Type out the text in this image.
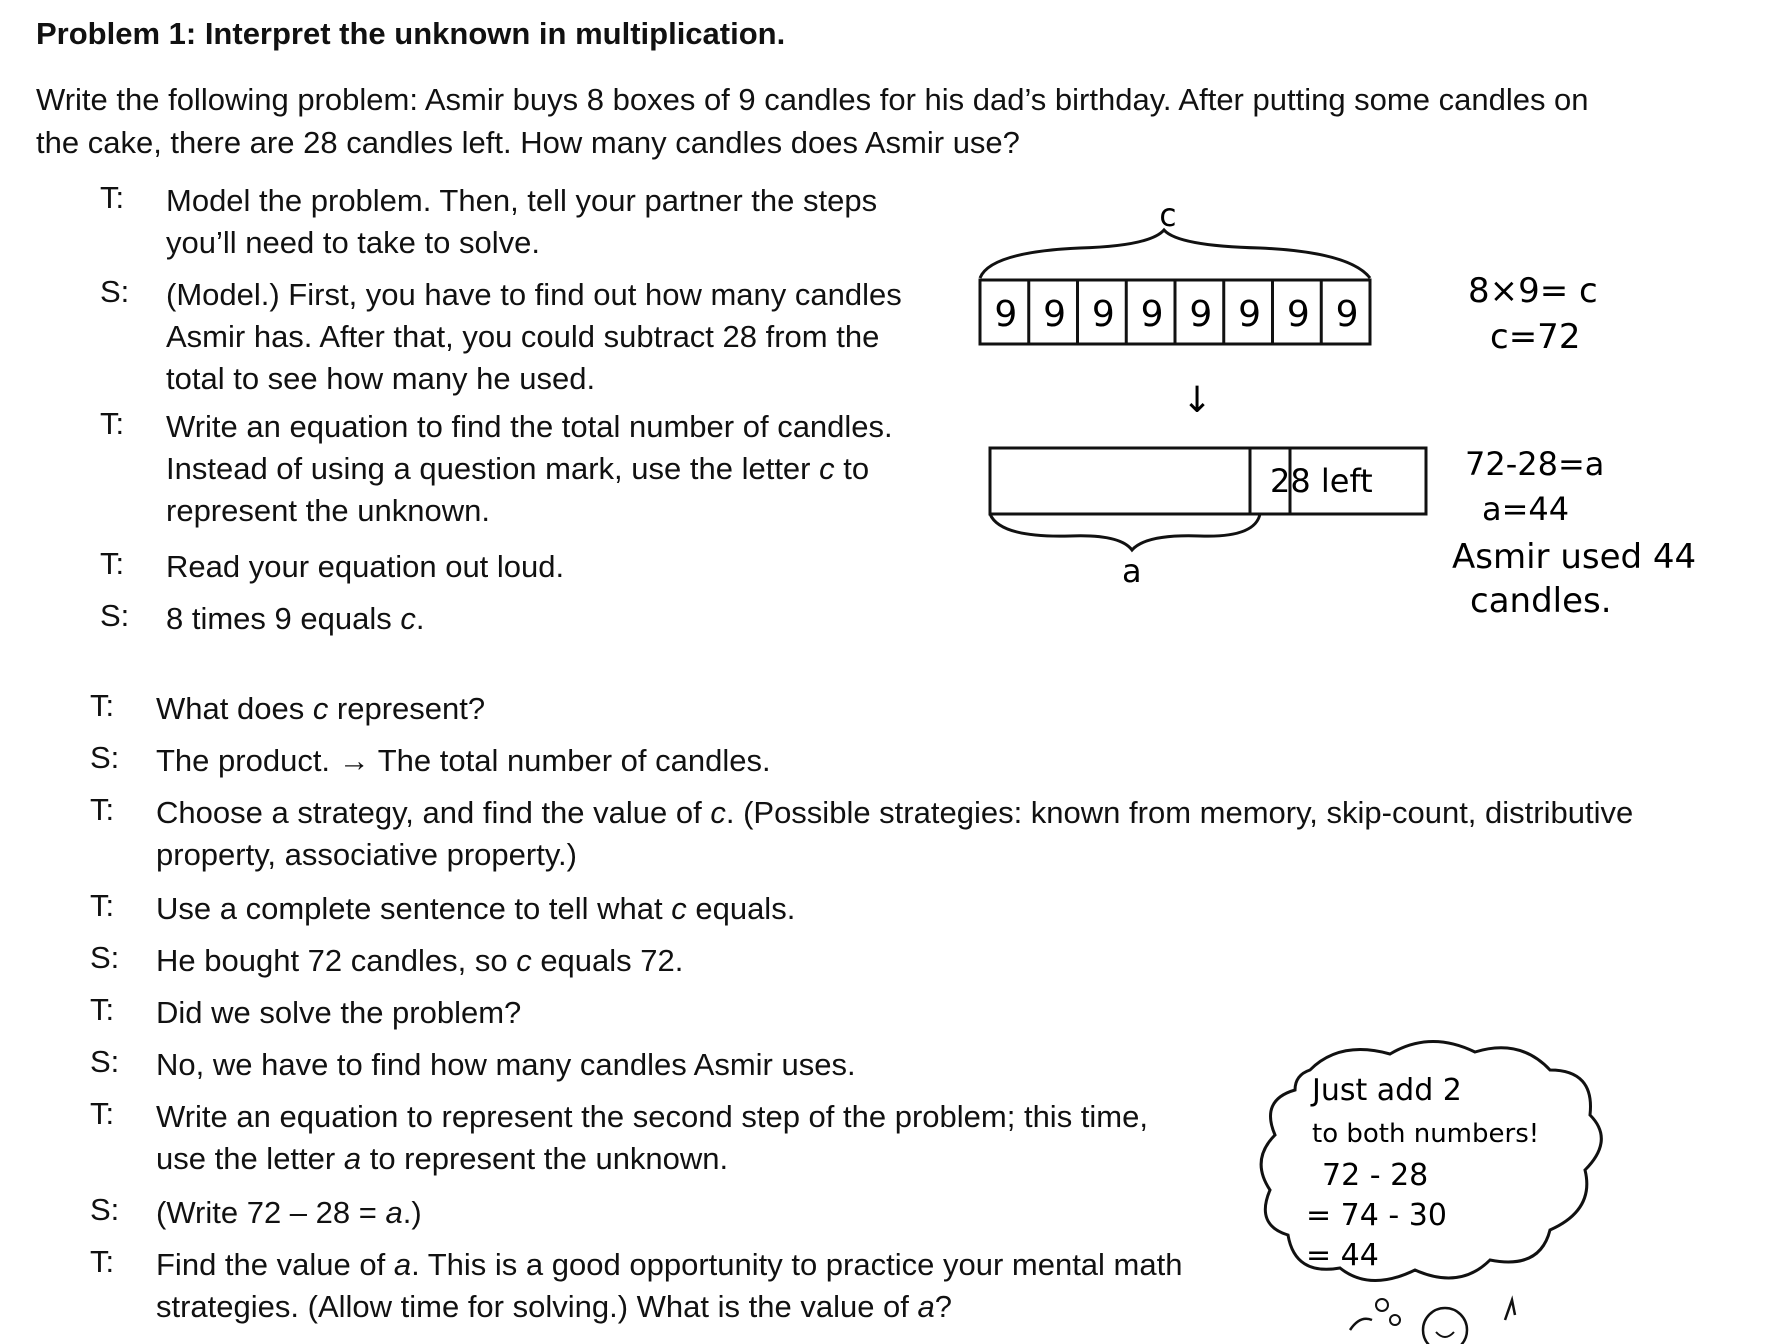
Problem 1: Interpret the unknown in multiplication.
Write the following problem: Asmir buys 8 boxes of 9 candles for his dad’s birthday. After putting some candles on the cake, there are 28 candles left. How many candles does Asmir use?
T:	Model the problem. Then, tell your partner the steps you’ll need to take to solve.
S:	(Model.) First, you have to find out how many candles Asmir has. After that, you could subtract 28 from the total to see how many he used.
T:	Write an equation to find the total number of candles. Instead of using a question mark, use the letter c to represent the unknown.
T:	Read your equation out loud.
S:	8 times 9 equals c.
T:	What does c represent?
S:	The product. → The total number of candles.
T:	Choose a strategy, and find the value of c. (Possible strategies: known from memory, skip-count, distributive property, associative property.)
T:	Use a complete sentence to tell what c equals.
S:	He bought 72 candles, so c equals 72.
T:	Did we solve the problem?
S:	No, we have to find how many candles Asmir uses.
T:	Write an equation to represent the second step of the problem; this time, use the letter a to represent the unknown.
S:	(Write 72 – 28 = a.)
T:	Find the value of a. This is a good opportunity to practice your mental math strategies. (Allow time for solving.) What is the value of a?
c
9 9 9 9 9 9 9 9
↓
28 left
a
8×9= c
c=72
72-28=a
a=44
Asmir used 44
candles.
Just add 2
to both numbers!
72 - 28
= 74 - 30
= 44
